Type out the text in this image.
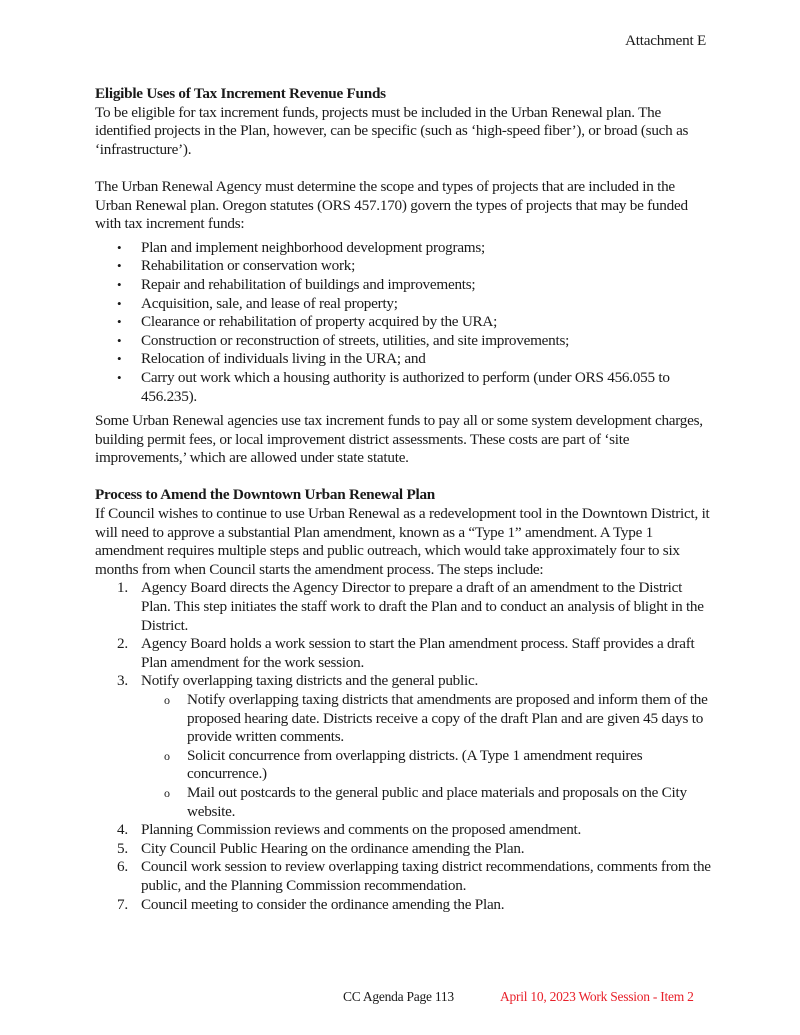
Attachment E

Eligible Uses of Tax Increment Revenue Funds

To be eligible for tax increment funds, projects must be included in the Urban Renewal plan. The identified projects in the Plan, however, can be specific (such as ‘high-speed fiber’), or broad (such as ‘infrastructure’).

The Urban Renewal Agency must determine the scope and types of projects that are included in the Urban Renewal plan. Oregon statutes (ORS 457.170) govern the types of projects that may be funded with tax increment funds:

• Plan and implement neighborhood development programs;
• Rehabilitation or conservation work;
• Repair and rehabilitation of buildings and improvements;
• Acquisition, sale, and lease of real property;
• Clearance or rehabilitation of property acquired by the URA;
• Construction or reconstruction of streets, utilities, and site improvements;
• Relocation of individuals living in the URA; and
• Carry out work which a housing authority is authorized to perform (under ORS 456.055 to 456.235).

Some Urban Renewal agencies use tax increment funds to pay all or some system development charges, building permit fees, or local improvement district assessments. These costs are part of ‘site improvements,’ which are allowed under state statute.

Process to Amend the Downtown Urban Renewal Plan

If Council wishes to continue to use Urban Renewal as a redevelopment tool in the Downtown District, it will need to approve a substantial Plan amendment, known as a “Type 1” amendment. A Type 1 amendment requires multiple steps and public outreach, which would take approximately four to six months from when Council starts the amendment process. The steps include:

1. Agency Board directs the Agency Director to prepare a draft of an amendment to the District Plan. This step initiates the staff work to draft the Plan and to conduct an analysis of blight in the District.
2. Agency Board holds a work session to start the Plan amendment process. Staff provides a draft Plan amendment for the work session.
3. Notify overlapping taxing districts and the general public.
o Notify overlapping taxing districts that amendments are proposed and inform them of the proposed hearing date. Districts receive a copy of the draft Plan and are given 45 days to provide written comments.
o Solicit concurrence from overlapping districts. (A Type 1 amendment requires concurrence.)
o Mail out postcards to the general public and place materials and proposals on the City website.
4. Planning Commission reviews and comments on the proposed amendment.
5. City Council Public Hearing on the ordinance amending the Plan.
6. Council work session to review overlapping taxing district recommendations, comments from the public, and the Planning Commission recommendation.
7. Council meeting to consider the ordinance amending the Plan.
CC Agenda Page 113	April 10, 2023 Work Session - Item 2
